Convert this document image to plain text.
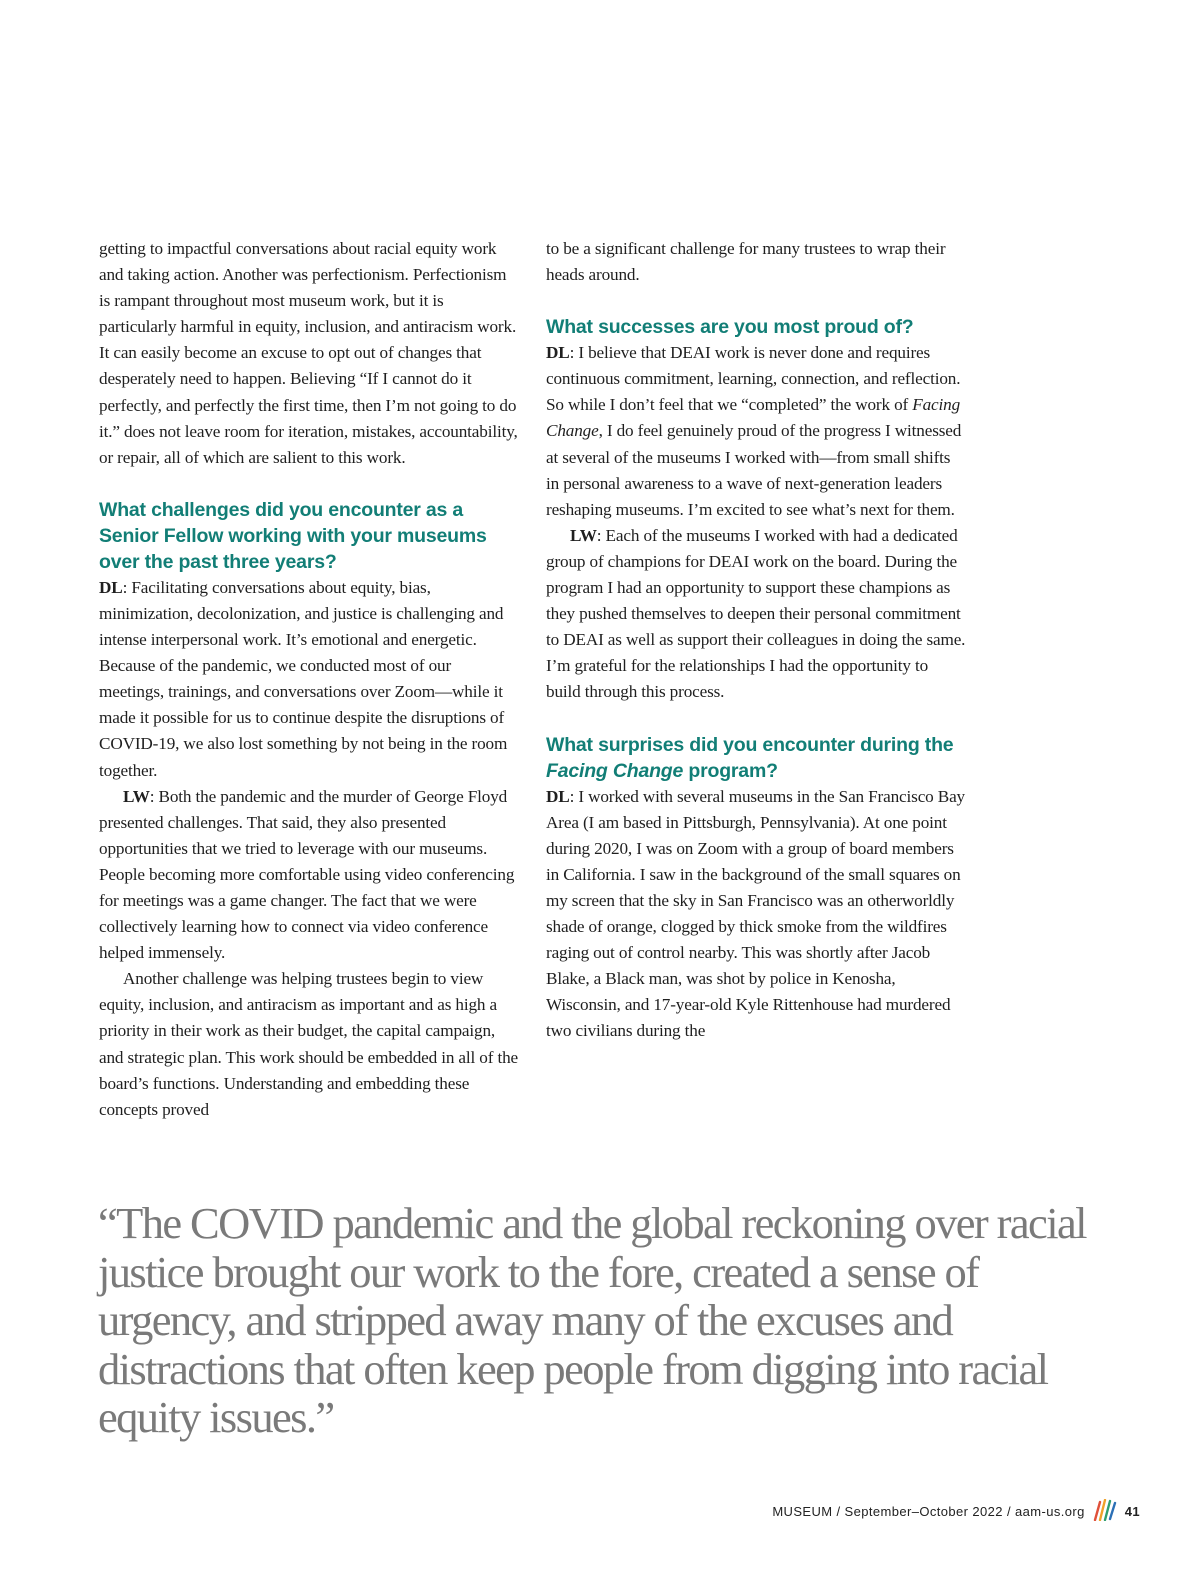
getting to impactful conversations about racial equity work and taking action. Another was perfectionism. Perfectionism is rampant throughout most museum work, but it is particularly harmful in equity, inclusion, and antiracism work. It can easily become an excuse to opt out of changes that desperately need to happen. Believing “If I cannot do it perfectly, and perfectly the first time, then I’m not going to do it.” does not leave room for iteration, mistakes, accountability, or repair, all of which are salient to this work.

What challenges did you encounter as a Senior Fellow working with your museums over the past three years?

DL: Facilitating conversations about equity, bias, minimization, decolonization, and justice is challenging and intense interpersonal work. It’s emotional and energetic. Because of the pandemic, we conducted most of our meetings, trainings, and conversations over Zoom—while it made it possible for us to continue despite the disruptions of COVID-19, we also lost something by not being in the room together.

LW: Both the pandemic and the murder of George Floyd presented challenges. That said, they also presented opportunities that we tried to leverage with our museums. People becoming more comfortable using video conferencing for meetings was a game changer. The fact that we were collectively learning how to connect via video conference helped immensely.

Another challenge was helping trustees begin to view equity, inclusion, and antiracism as important and as high a priority in their work as their budget, the capital campaign, and strategic plan. This work should be embedded in all of the board’s functions. Understanding and embedding these concepts proved

to be a significant challenge for many trustees to wrap their heads around.

What successes are you most proud of?

DL: I believe that DEAI work is never done and requires continuous commitment, learning, connection, and reflection. So while I don’t feel that we “completed” the work of Facing Change, I do feel genuinely proud of the progress I witnessed at several of the museums I worked with—from small shifts in personal awareness to a wave of next-generation leaders reshaping museums. I’m excited to see what’s next for them.

LW: Each of the museums I worked with had a dedicated group of champions for DEAI work on the board. During the program I had an opportunity to support these champions as they pushed themselves to deepen their personal commitment to DEAI as well as support their colleagues in doing the same. I’m grateful for the relationships I had the opportunity to build through this process.

What surprises did you encounter during the Facing Change program?

DL: I worked with several museums in the San Francisco Bay Area (I am based in Pittsburgh, Pennsylvania). At one point during 2020, I was on Zoom with a group of board members in California. I saw in the background of the small squares on my screen that the sky in San Francisco was an otherworldly shade of orange, clogged by thick smoke from the wildfires raging out of control nearby. This was shortly after Jacob Blake, a Black man, was shot by police in Kenosha, Wisconsin, and 17-year-old Kyle Rittenhouse had murdered two civilians during the

“The COVID pandemic and the global reckoning over racial justice brought our work to the fore, created a sense of urgency, and stripped away many of the excuses and distractions that often keep people from digging into racial equity issues.”

MUSEUM / September–October 2022 / aam-us.org	41
